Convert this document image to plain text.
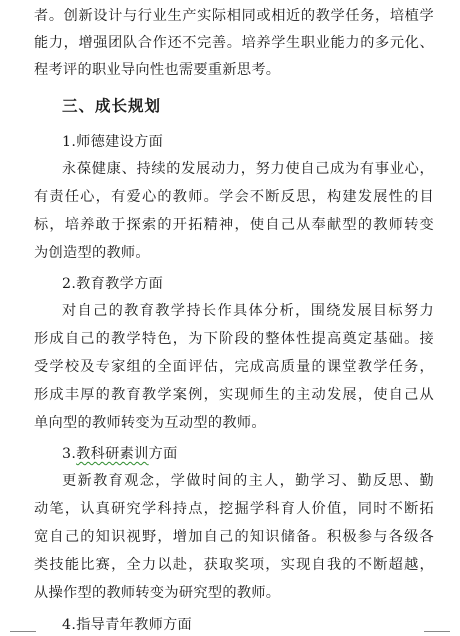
者。创新设计与行业生产实际相同或相近的教学任务，培植学
能力，增强团队合作还不完善。培养学生职业能力的多元化、
程考评的职业导向性也需要重新思考。
三、成长规划
1.师德建设方面
永葆健康、持续的发展动力，努力使自己成为有事业心，
有责任心，有爱心的教师。学会不断反思，构建发展性的目
标，培养敢于探索的开拓精神，使自己从奉献型的教师转变
为创造型的教师。
2.教育教学方面
对自己的教育教学持长作具体分析，围绕发展目标努力
形成自己的教学特色，为下阶段的整体性提高奠定基础。接
受学校及专家组的全面评估，完成高质量的课堂教学任务，
形成丰厚的教育教学案例，实现师生的主动发展，使自己从
单向型的教师转变为互动型的教师。
3.教科研素训方面
更新教育观念，学做时间的主人，勤学习、勤反思、勤
动笔，认真研究学科持点，挖掘学科育人价值，同时不断拓
宽自己的知识视野，增加自己的知识储备。积极参与各级各
类技能比赛，全力以赴，获取奖项，实现自我的不断超越，
从操作型的教师转变为研究型的教师。
4.指导青年教师方面
